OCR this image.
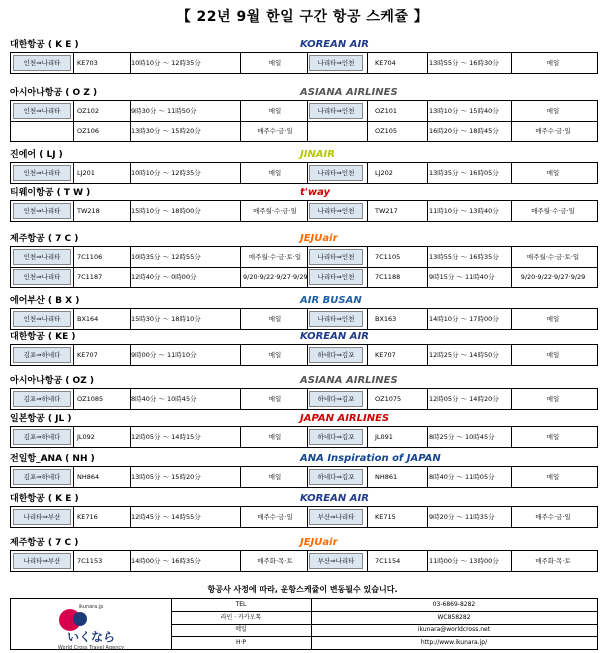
【 22년 9월 한일 구간 항공 스케쥴 】
대한항공 ( K E )	KOREAN AIR
인천⇒나리타	KE703	10時10分 ～ 12時35分	매일	나리타⇒인천	KE704	13時55分 ～ 16時30分	매일
아시아나항공 ( O Z )	ASIANA AIRLINES
인천⇒나리타	OZ102	9時30分 ～ 11時50分	매일	나리타⇒인천	OZ101	13時10分 ～ 15時40分	매일
OZ106	13時30分 ～ 15時20分	매주수·금·일	OZ105	16時20分 ～ 18時45分	매주수·금·일
진에어 ( LJ )	JINAIR
인천⇒나리타	LJ201	10時10分 ～ 12時35分	매일	나리타⇒인천	LJ202	13時35分 ～ 16時05分	매일
티웨이항공 ( T W )	t'way
인천⇒나리타	TW218	15時10分 ～ 18時00分	매주월·수·금·일	나리타⇒인천	TW217	11時10分 ～ 13時40分	매주월·수·금·일
제주항공 ( 7 C )	JEJUair
인천⇒나리타	7C1106	10時35分 ～ 12時55分	매주월·수·금·토·일	나리타⇒인천	7C1105	13時55分 ～ 16時35分	매주월·수·금·토·일
인천⇒나리타	7C1187	12時40分 ～ 0時00分	9/20·9/22·9/27·9/29	나리타⇒인천	7C1188	9時15分 ～ 11時40分	9/20·9/22·9/27·9/29
에어부산 ( B X )	AIR BUSAN
인천⇒나리타	BX164	15時30分 ～ 18時10分	매일	나리타⇒인천	BX163	14時10分 ～ 17時00分	매일
대한항공 ( KE )	KOREAN AIR
김포⇒하네다	KE707	9時00分 ～ 11時10分	매일	하네다⇒김포	KE707	12時25分 ～ 14時50分	매일
아시아나항공 ( OZ )	ASIANA AIRLINES
김포⇒하네다	OZ1085	8時40分 ～ 10時45分	매일	하네다⇒김포	OZ1075	12時05分 ～ 14時20分	매일
일본항공 ( JL )	JAPAN AIRLINES
김포⇒하네다	JL092	12時05分 ～ 14時15分	매일	하네다⇒김포	JL091	8時25分 ～ 10時45分	매일
전일항_ANA ( NH )	ANA Inspiration of JAPAN
김포⇒하네다	NH864	13時05分 ～ 15時20分	매일	하네다⇒김포	NH861	8時40分 ～ 11時05分	매일
대한항공 ( K E )	KOREAN AIR
나리타⇒부산	KE716	12時45分 ～ 14時55分	매주수·금·일	부산⇒나리타	KE715	9時20分 ～ 11時35分	매주수·금·일
제주항공 ( 7 C )	JEJUair
나리타⇒부산	7C1153	14時00分 ～ 16時35分	매주화·목·토	부산⇒나리타	7C1154	11時00分 ～ 13時00分	매주화·목·토
항공사 사정에 따라, 운항스케쥴이 변동될수 있습니다.
ikunara.jp
いくなら
World Cross Travel Agency
TEL	03-6869-8282
라인 · 카카오톡	WC858282
메일	ikunara@worldcross.net
H·P	http://www.ikunara.jp/
